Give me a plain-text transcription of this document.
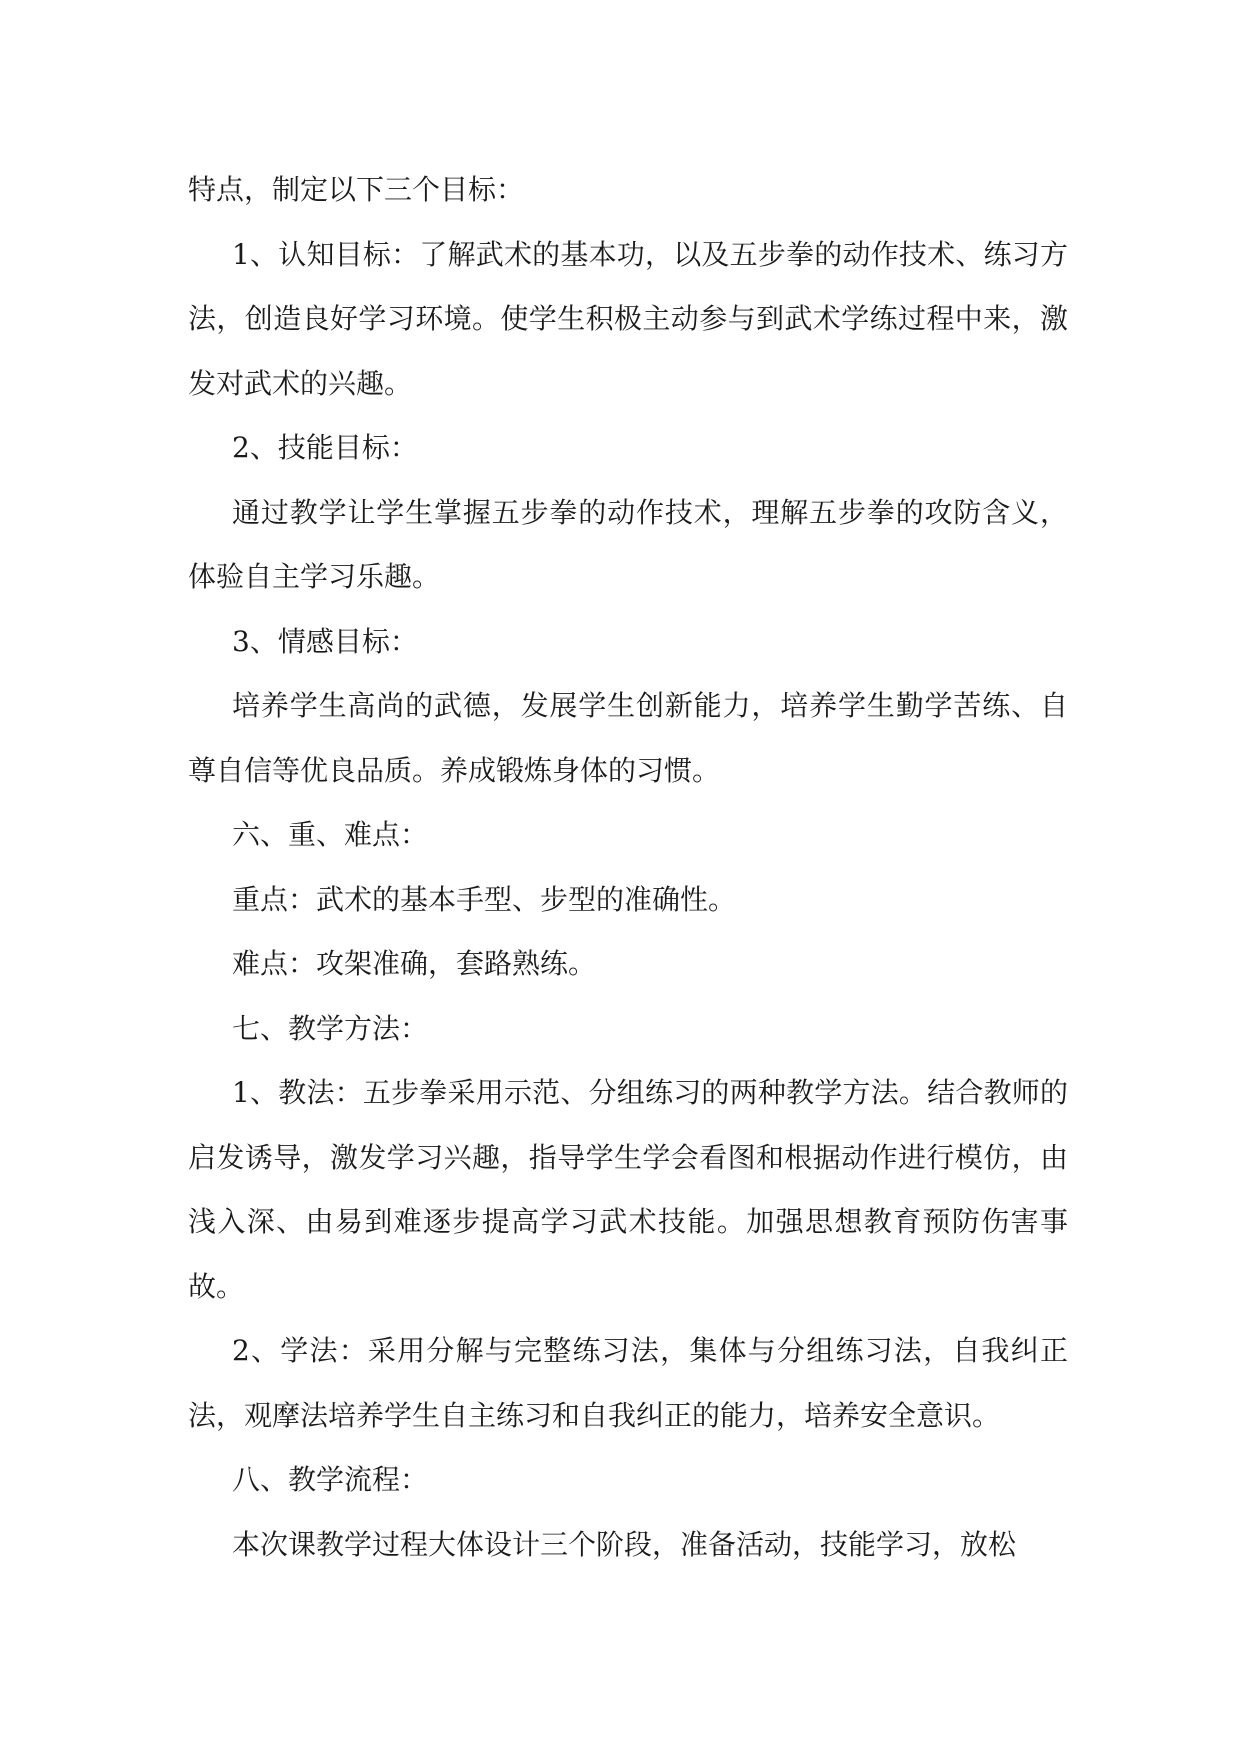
特点，制定以下三个目标：

1、认知目标：了解武术的基本功，以及五步拳的动作技术、练习方法，创造良好学习环境。使学生积极主动参与到武术学练过程中来，激发对武术的兴趣。

2、技能目标：

通过教学让学生掌握五步拳的动作技术，理解五步拳的攻防含义，体验自主学习乐趣。

3、情感目标：

培养学生高尚的武德，发展学生创新能力，培养学生勤学苦练、自尊自信等优良品质。养成锻炼身体的习惯。

六、重、难点：

重点：武术的基本手型、步型的准确性。

难点：攻架准确，套路熟练。

七、教学方法：

1、教法：五步拳采用示范、分组练习的两种教学方法。结合教师的启发诱导，激发学习兴趣，指导学生学会看图和根据动作进行模仿，由浅入深、由易到难逐步提高学习武术技能。加强思想教育预防伤害事故。

2、学法：采用分解与完整练习法，集体与分组练习法，自我纠正法，观摩法培养学生自主练习和自我纠正的能力，培养安全意识。

八、教学流程：

本次课教学过程大体设计三个阶段，准备活动，技能学习，放松
